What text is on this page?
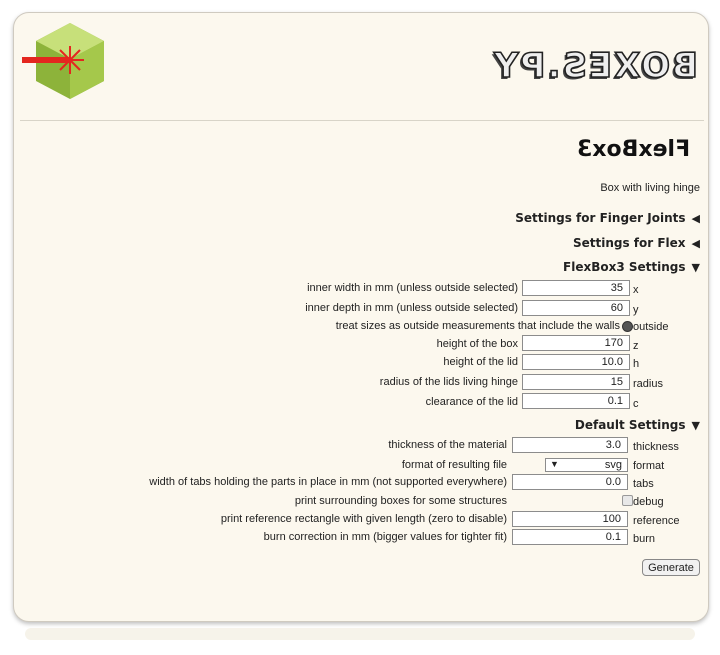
BOXES.PY
FlexBox3
Box with living hinge
Settings for Finger Joints ◀
Settings for Flex ◀
FlexBox3 Settings ▼
x
35
inner width in mm (unless outside selected)
y
60
inner depth in mm (unless outside selected)
outside
treat sizes as outside measurements that include the walls
z
170
height of the box
h
10.0
height of the lid
radius
15
radius of the lids living hinge
c
0.1
clearance of the lid
Default Settings ▼
thickness
3.0
thickness of the material
format
svg
▼
format of resulting file
tabs
0.0
width of tabs holding the parts in place in mm (not supported everywhere)
debug
print surrounding boxes for some structures
reference
100
print reference rectangle with given length (zero to disable)
burn
0.1
burn correction in mm (bigger values for tighter fit)
Generate
